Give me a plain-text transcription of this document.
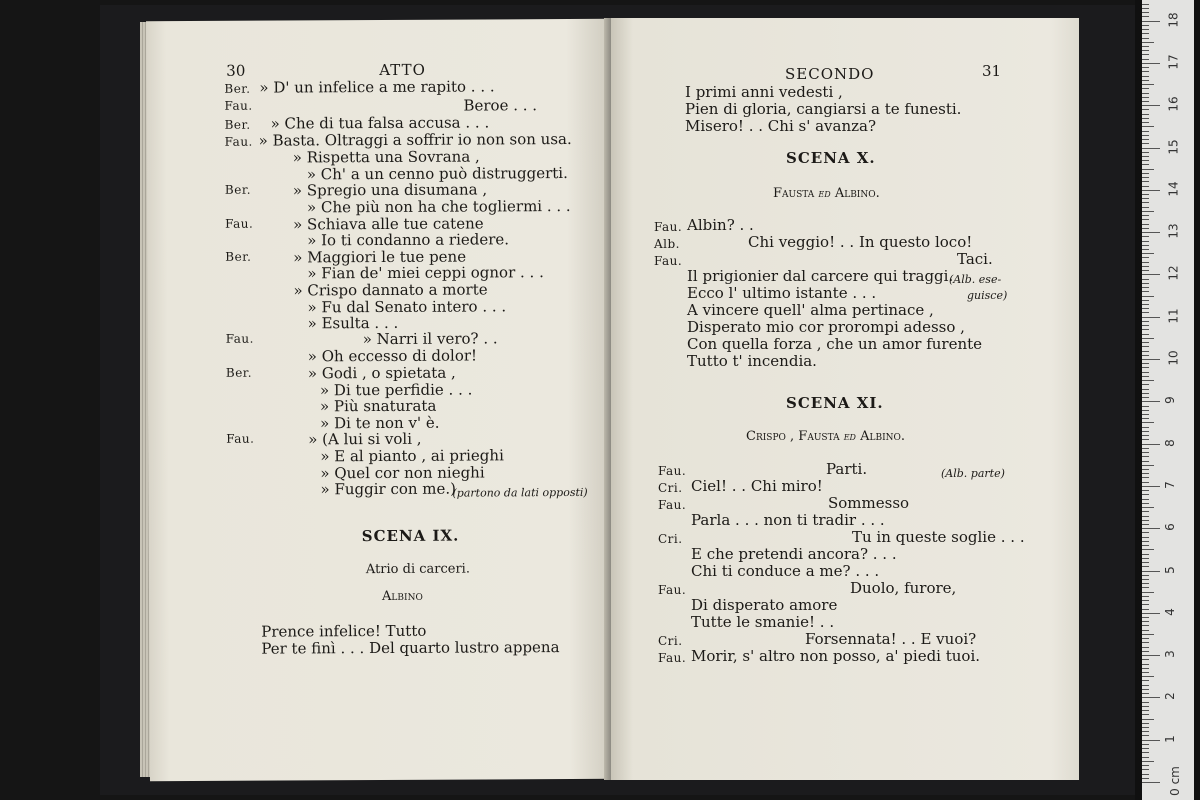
30	ATTO
Ber. » D' un infelice a me rapito . . .
Fau.	Beroe . . .
Ber. » Che di tua falsa accusa . . .
Fau. » Basta. Oltraggi a soffrir io non son usa.
» Rispetta una Sovrana ,
» Ch' a un cenno può distruggerti.
Ber.	» Spregio una disumana ,
» Che più non ha che togliermi . . .
Fau.	» Schiava alle tue catene
» Io ti condanno a riedere.
Ber.	» Maggiori le tue pene
» Fian de' miei ceppi ognor . . .
» Crispo dannato a morte
» Fu dal Senato intero . . .
» Esulta . . .
Fau.	» Narri il vero? . .
» Oh eccesso di dolor!
Ber.	» Godi , o spietata ,
» Di tue perfidie . . .
» Più snaturata
» Di te non v' è.
Fau.	» (A lui si voli ,
» E al pianto , ai prieghi
» Quel cor non nieghi
» Fuggir con me.)
(partono da lati opposti)
SCENA IX.
Atrio di carceri.
Albino
Prence infelice! Tutto
Per te finì . . . Del quarto lustro appena
SECONDO	31
I primi anni vedesti ,
Pien di gloria, cangiarsi a te funesti.
Misero! . . Chi s' avanza?
SCENA X.
Fausta ed Albino.
Fau. Albin? . .
Alb.	Chi veggio! . . In questo loco!
Fau.	Taci.
Il prigionier dal carcere qui traggi.
(Alb. ese-
Ecco l' ultimo istante . . .	guisce)
A vincere quell' alma pertinace ,
Disperato mio cor prorompi adesso ,
Con quella forza , che un amor furente
Tutto t' incendia.
SCENA XI.
Crispo , Fausta ed Albino.
Fau.	Parti.	(Alb. parte)
Cri. Ciel! . . Chi miro!
Fau.	Sommesso
Parla . . . non ti tradir . . .
Cri.	Tu in queste soglie . . .
E che pretendi ancora? . . .
Chi ti conduce a me? . . .
Fau.	Duolo, furore,
Di disperato amore
Tutte le smanie! . .
Cri.	Forsennata! . . E vuoi?
Fau. Morir, s' altro non posso, a' piedi tuoi.
0 cm
1
2
3
4
5
6
7
8
9
10
11
12
13
14
15
16
17
18
